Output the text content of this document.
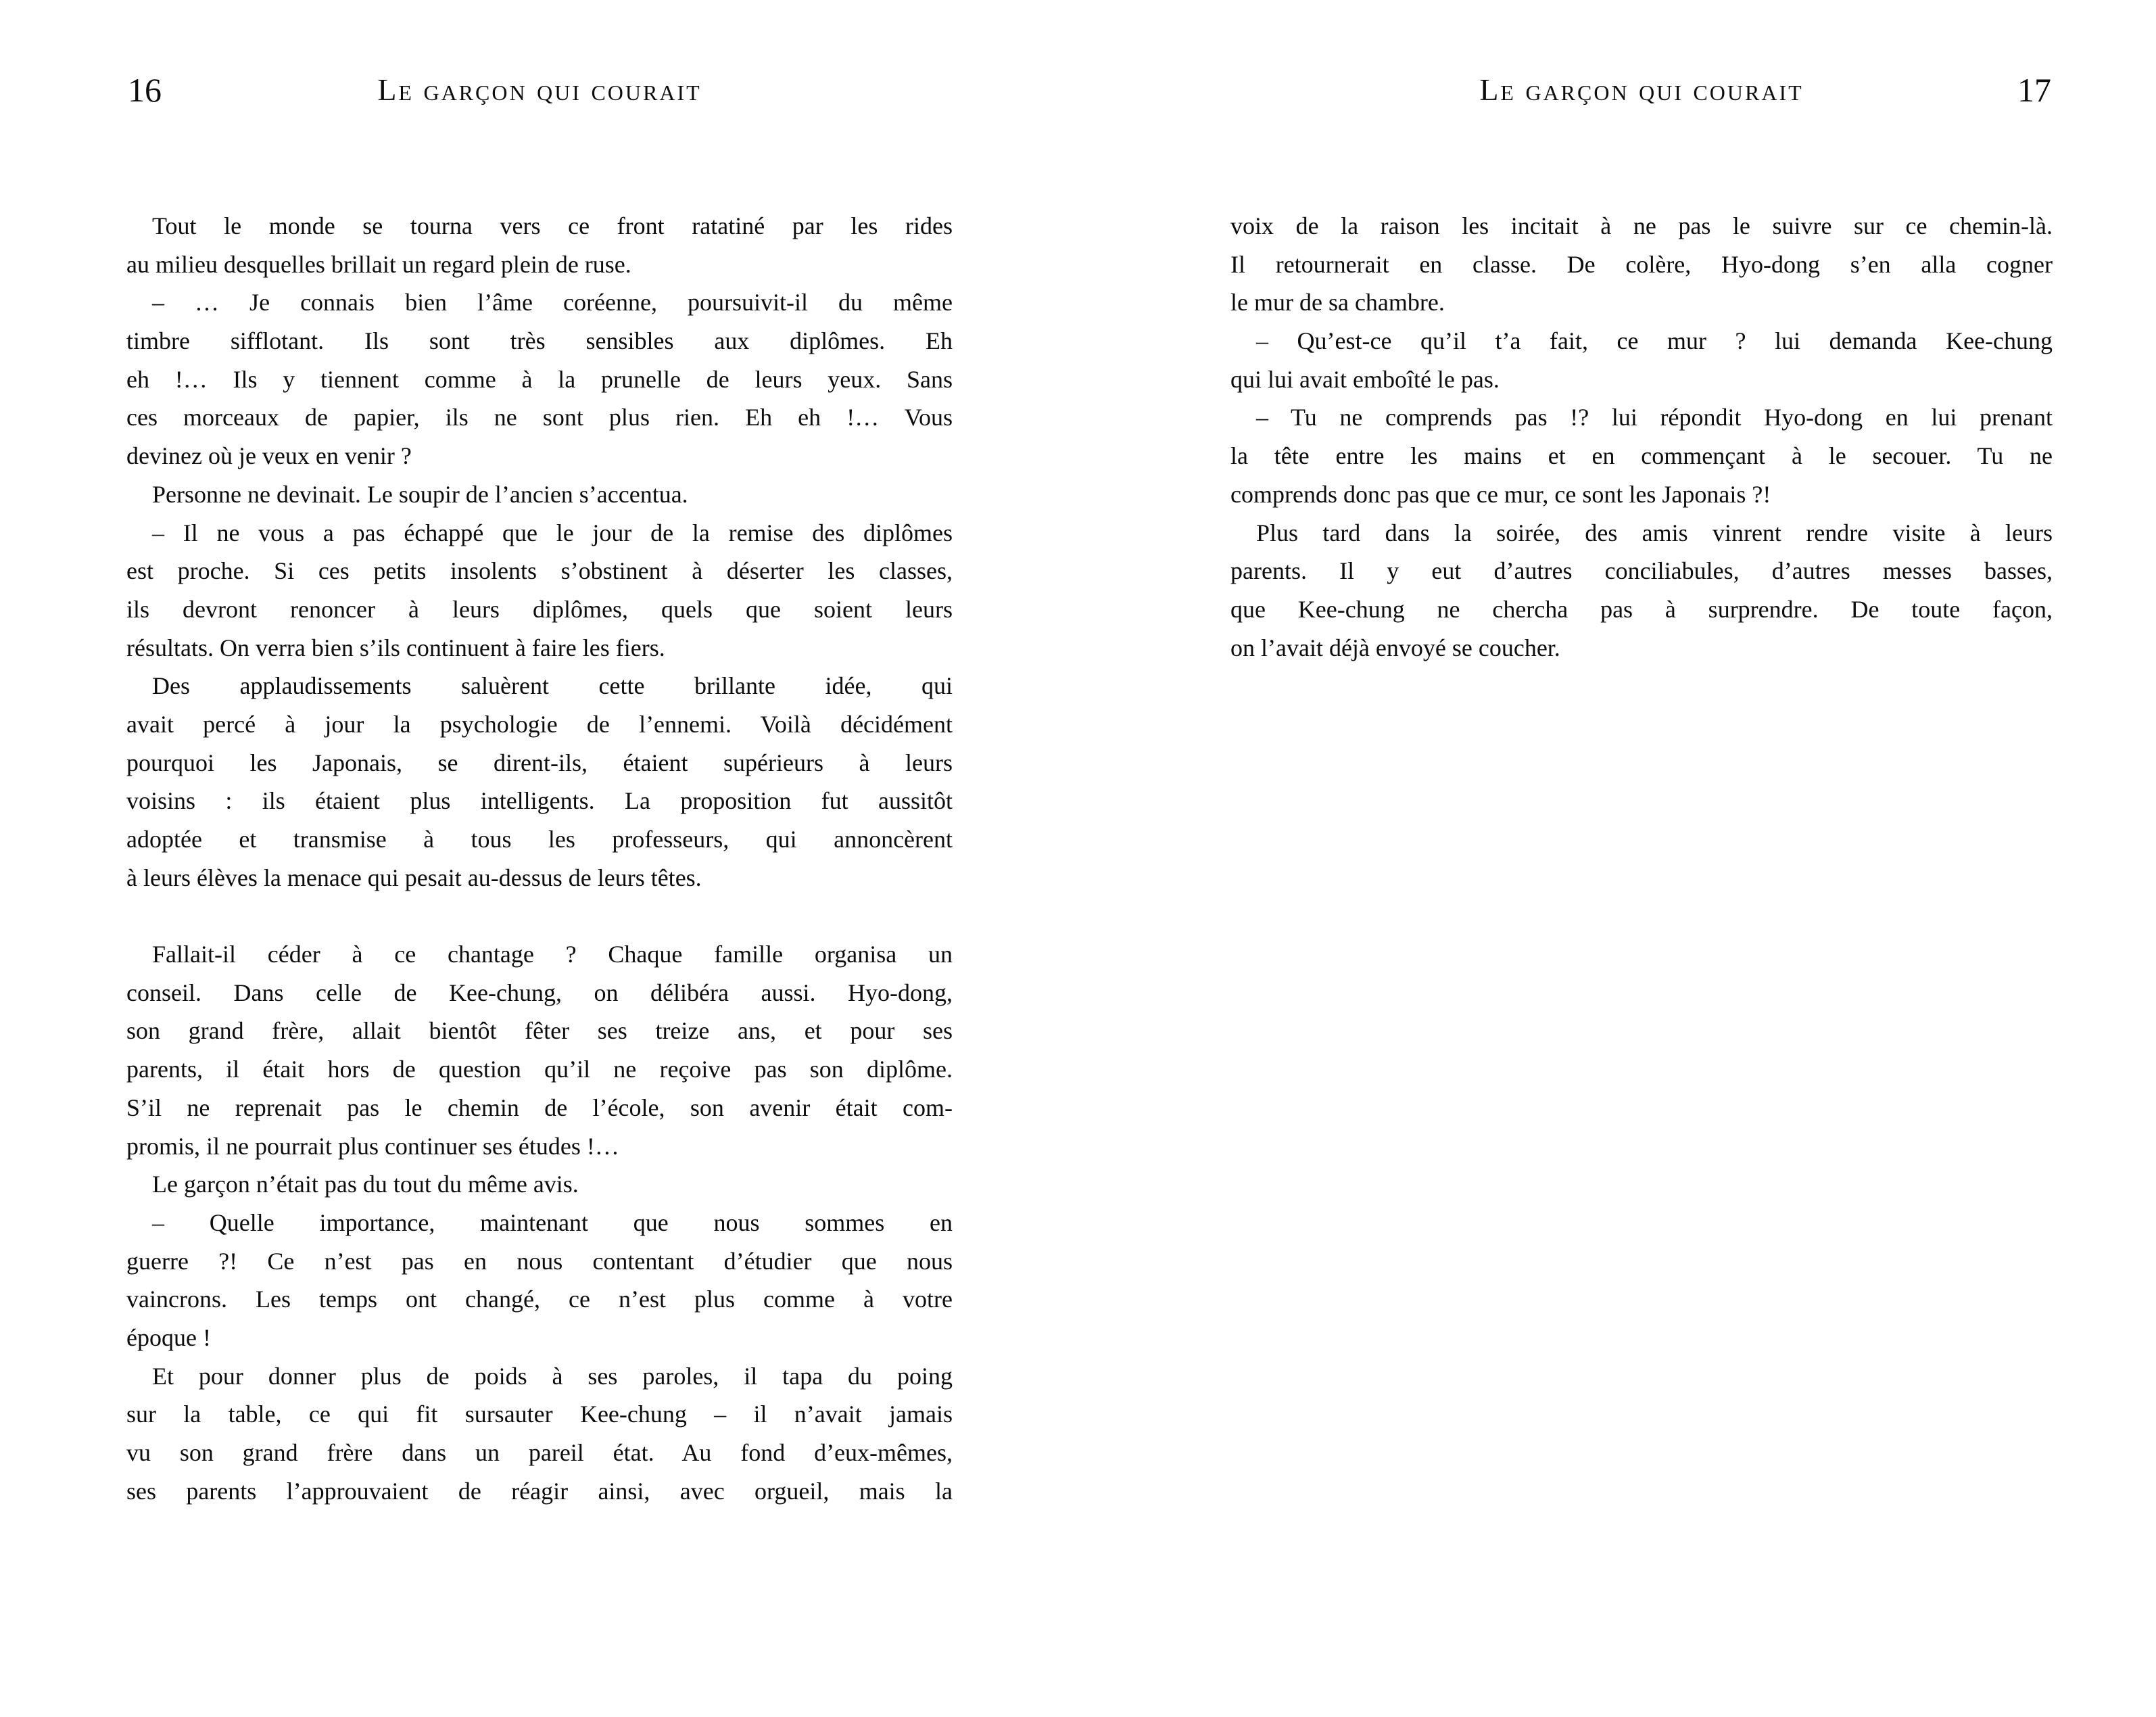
16	Le garçon qui courait
Tout le monde se tourna vers ce front ratatiné par les rides
au milieu desquelles brillait un regard plein de ruse.
– … Je connais bien l’âme coréenne, poursuivit-il du même
timbre sifflotant. Ils sont très sensibles aux diplômes. Eh
eh !… Ils y tiennent comme à la prunelle de leurs yeux. Sans
ces morceaux de papier, ils ne sont plus rien. Eh eh !… Vous
devinez où je veux en venir ?
Personne ne devinait. Le soupir de l’ancien s’accentua.
– Il ne vous a pas échappé que le jour de la remise des diplômes
est proche. Si ces petits insolents s’obstinent à déserter les classes,
ils devront renoncer à leurs diplômes, quels que soient leurs
résultats. On verra bien s’ils continuent à faire les fiers.
Des applaudissements saluèrent cette brillante idée, qui
avait percé à jour la psychologie de l’ennemi. Voilà décidément
pourquoi les Japonais, se dirent-ils, étaient supérieurs à leurs
voisins : ils étaient plus intelligents. La proposition fut aussitôt
adoptée et transmise à tous les professeurs, qui annoncèrent
à leurs élèves la menace qui pesait au-dessus de leurs têtes.
Fallait-il céder à ce chantage ? Chaque famille organisa un
conseil. Dans celle de Kee-chung, on délibéra aussi. Hyo-dong,
son grand frère, allait bientôt fêter ses treize ans, et pour ses
parents, il était hors de question qu’il ne reçoive pas son diplôme.
S’il ne reprenait pas le chemin de l’école, son avenir était com-
promis, il ne pourrait plus continuer ses études !…
Le garçon n’était pas du tout du même avis.
– Quelle importance, maintenant que nous sommes en
guerre ?! Ce n’est pas en nous contentant d’étudier que nous
vaincrons. Les temps ont changé, ce n’est plus comme à votre
époque !
Et pour donner plus de poids à ses paroles, il tapa du poing
sur la table, ce qui fit sursauter Kee-chung – il n’avait jamais
vu son grand frère dans un pareil état. Au fond d’eux-mêmes,
ses parents l’approuvaient de réagir ainsi, avec orgueil, mais la
Le garçon qui courait	17
voix de la raison les incitait à ne pas le suivre sur ce chemin-là.
Il retournerait en classe. De colère, Hyo-dong s’en alla cogner
le mur de sa chambre.
– Qu’est-ce qu’il t’a fait, ce mur ? lui demanda Kee-chung
qui lui avait emboîté le pas.
– Tu ne comprends pas !? lui répondit Hyo-dong en lui prenant
la tête entre les mains et en commençant à le secouer. Tu ne
comprends donc pas que ce mur, ce sont les Japonais ?!
Plus tard dans la soirée, des amis vinrent rendre visite à leurs
parents. Il y eut d’autres conciliabules, d’autres messes basses,
que Kee-chung ne chercha pas à surprendre. De toute façon,
on l’avait déjà envoyé se coucher.
